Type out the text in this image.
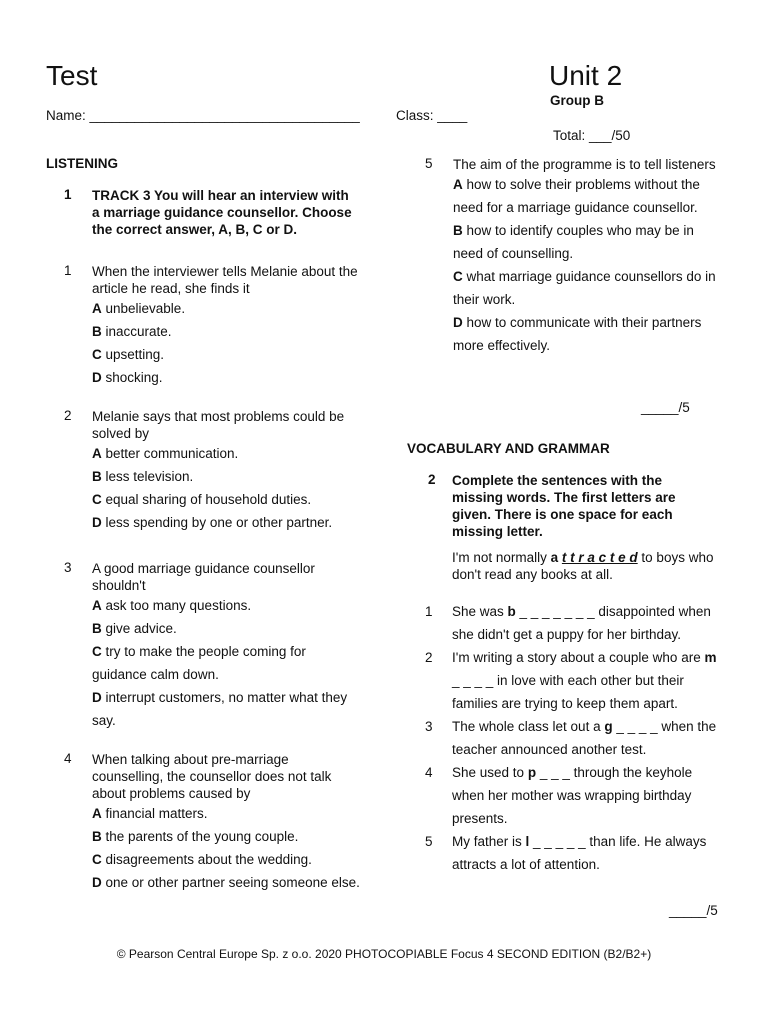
Test	Unit 2
Group B
Name: ____________________________________	Class: ____
Total: ___/50
LISTENING
1 TRACK 3 You will hear an interview with a marriage guidance counsellor. Choose the correct answer, A, B, C or D.
1 When the interviewer tells Melanie about the article he read, she finds it
A unbelievable.
B inaccurate.
C upsetting.
D shocking.
2 Melanie says that most problems could be solved by
A better communication.
B less television.
C equal sharing of household duties.
D less spending by one or other partner.
3 A good marriage guidance counsellor shouldn't
A ask too many questions.
B give advice.
C try to make the people coming for guidance calm down.
D interrupt customers, no matter what they say.
4 When talking about pre-marriage counselling, the counsellor does not talk about problems caused by
A financial matters.
B the parents of the young couple.
C disagreements about the wedding.
D one or other partner seeing someone else.
5 The aim of the programme is to tell listeners
A how to solve their problems without the need for a marriage guidance counsellor.
B how to identify couples who may be in need of counselling.
C what marriage guidance counsellors do in their work.
D how to communicate with their partners more effectively.
_____/5
VOCABULARY AND GRAMMAR
2 Complete the sentences with the missing words. The first letters are given. There is one space for each missing letter.
I'm not normally a t t r a c t e d to boys who don't read any books at all.
1 She was b _ _ _ _ _ _ _ disappointed when she didn't get a puppy for her birthday.
2 I'm writing a story about a couple who are m _ _ _ _ in love with each other but their families are trying to keep them apart.
3 The whole class let out a g _ _ _ _ when the teacher announced another test.
4 She used to p _ _ _ through the keyhole when her mother was wrapping birthday presents.
5 My father is l _ _ _ _ _ than life. He always attracts a lot of attention.
_____/5
© Pearson Central Europe Sp. z o.o. 2020 PHOTOCOPIABLE Focus 4 SECOND EDITION (B2/B2+)
